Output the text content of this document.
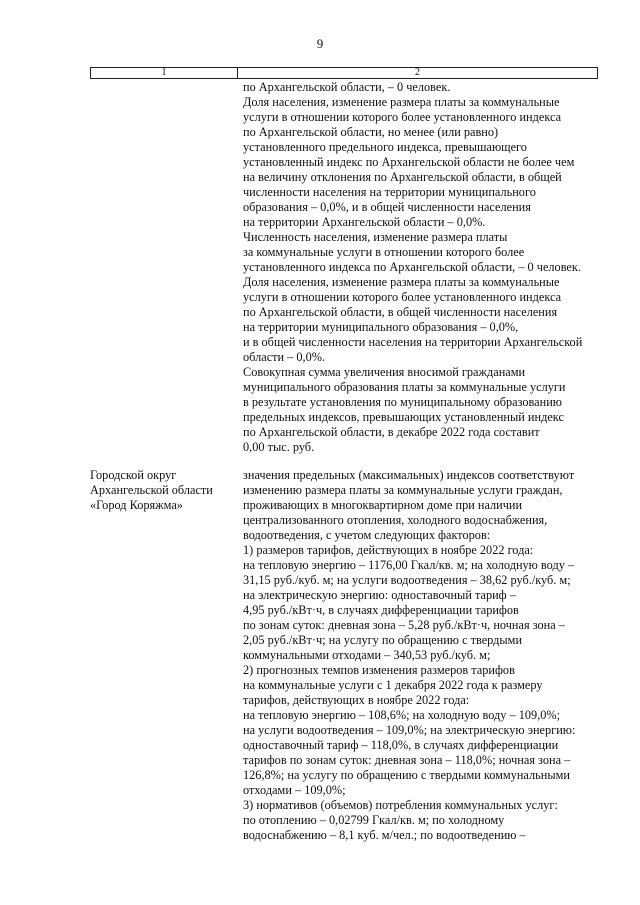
9
1	2
по Архангельской области, – 0 человек.
Доля населения, изменение размера платы за коммунальные
услуги в отношении которого более установленного индекса
по Архангельской области, но менее (или равно)
установленного предельного индекса, превышающего
установленный индекс по Архангельской области не более чем
на величину отклонения по Архангельской области, в общей
численности населения на территории муниципального
образования – 0,0%, и в общей численности населения
на территории Архангельской области – 0,0%.
Численность населения, изменение размера платы
за коммунальные услуги в отношении которого более
установленного индекса по Архангельской области, – 0 человек.
Доля населения, изменение размера платы за коммунальные
услуги в отношении которого более установленного индекса
по Архангельской области, в общей численности населения
на территории муниципального образования – 0,0%,
и в общей численности населения на территории Архангельской
области – 0,0%.
Совокупная сумма увеличения вносимой гражданами
муниципального образования платы за коммунальные услуги
в результате установления по муниципальному образованию
предельных индексов, превышающих установленный индекс
по Архангельской области, в декабре 2022 года составит
0,00 тыс. руб.
Городской округ
Архангельской области
«Город Коряжма»
значения предельных (максимальных) индексов соответствуют
изменению размера платы за коммунальные услуги граждан,
проживающих в многоквартирном доме при наличии
централизованного отопления, холодного водоснабжения,
водоотведения, с учетом следующих факторов:
1) размеров тарифов, действующих в ноябре 2022 года:
на тепловую энергию – 1176,00 Гкал/кв. м; на холодную воду –
31,15 руб./куб. м; на услуги водоотведения – 38,62 руб./куб. м;
на электрическую энергию: одноставочный тариф –
4,95 руб./кВт·ч, в случаях дифференциации тарифов
по зонам суток: дневная зона – 5,28 руб./кВт·ч, ночная зона –
2,05 руб./кВт·ч; на услугу по обращению с твердыми
коммунальными отходами – 340,53 руб./куб. м;
2) прогнозных темпов изменения размеров тарифов
на коммунальные услуги с 1 декабря 2022 года к размеру
тарифов, действующих в ноябре 2022 года:
на тепловую энергию – 108,6%; на холодную воду – 109,0%;
на услуги водоотведения – 109,0%; на электрическую энергию:
одноставочный тариф – 118,0%, в случаях дифференциации
тарифов по зонам суток: дневная зона – 118,0%; ночная зона –
126,8%; на услугу по обращению с твердыми коммунальными
отходами – 109,0%;
3) нормативов (объемов) потребления коммунальных услуг:
по отоплению – 0,02799 Гкал/кв. м; по холодному
водоснабжению – 8,1 куб. м/чел.; по водоотведению –
